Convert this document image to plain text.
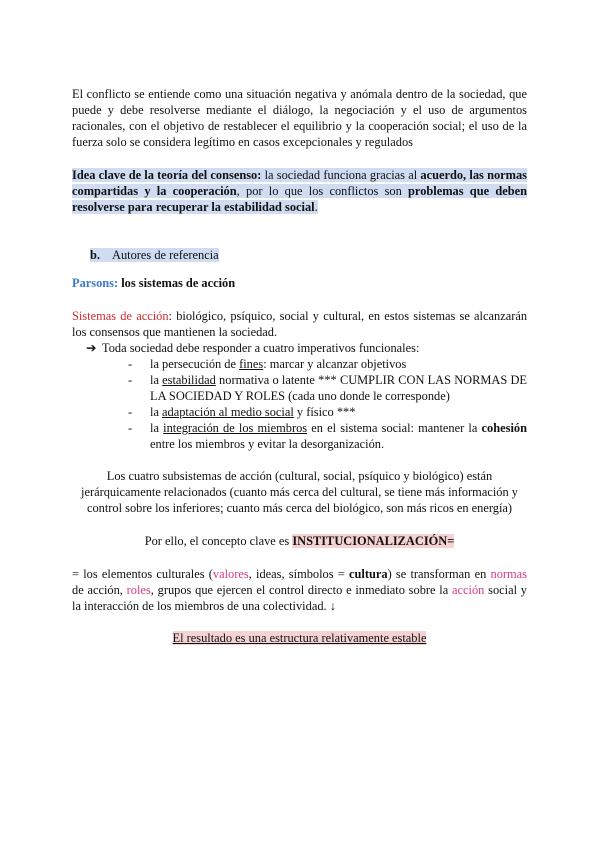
El conflicto se entiende como una situación negativa y anómala dentro de la sociedad, que puede y debe resolverse mediante el diálogo, la negociación y el uso de argumentos racionales, con el objetivo de restablecer el equilibrio y la cooperación social; el uso de la fuerza solo se considera legítimo en casos excepcionales y regulados

Idea clave de la teoría del consenso: la sociedad funciona gracias al acuerdo, las normas compartidas y la cooperación, por lo que los conflictos son problemas que deben resolverse para recuperar la estabilidad social.

b. Autores de referencia

Parsons: los sistemas de acción

Sistemas de acción: biológico, psíquico, social y cultural, en estos sistemas se alcanzarán los consensos que mantienen la sociedad.

➔ Toda sociedad debe responder a cuatro imperativos funcionales:

- la persecución de fines: marcar y alcanzar objetivos
- la estabilidad normativa o latente *** CUMPLIR CON LAS NORMAS DE LA SOCIEDAD Y ROLES (cada uno donde le corresponde)
- la adaptación al medio social y físico ***
- la integración de los miembros en el sistema social: mantener la cohesión entre los miembros y evitar la desorganización.

Los cuatro subsistemas de acción (cultural, social, psíquico y biológico) están jerárquicamente relacionados (cuanto más cerca del cultural, se tiene más información y control sobre los inferiores; cuanto más cerca del biológico, son más ricos en energía)

Por ello, el concepto clave es INSTITUCIONALIZACIÓN=

= los elementos culturales (valores, ideas, símbolos = cultura) se transforman en normas de acción, roles, grupos que ejercen el control directo e inmediato sobre la acción social y la interacción de los miembros de una colectividad. ↓

El resultado es una estructura relativamente estable
